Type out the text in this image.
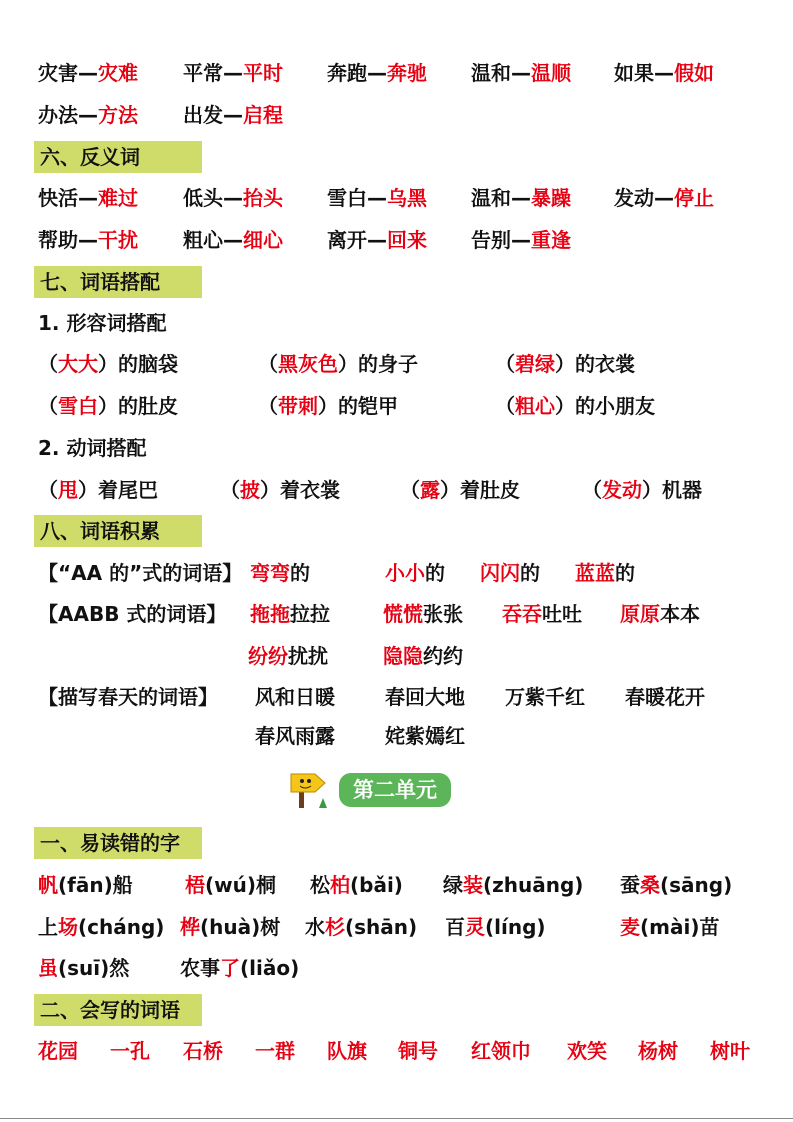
六、反义词
七、词语搭配
八、词语积累
一、易读错的字
二、会写的词语
第二单元
灾害—灾难 平常—平时 奔跑—奔驰 温和—温顺 如果—假如
办法—方法 出发—启程
快活—难过 低头—抬头 雪白—乌黑 温和—暴躁 发动—停止
帮助—干扰 粗心—细心 离开—回来 告别—重逢
1. 形容词搭配
（大大）的脑袋	（黑灰色）的身子	（碧绿）的衣裳
（雪白）的肚皮	（带刺）的铠甲	（粗心）的小朋友
2. 动词搭配
（甩）着尾巴	（披）着衣裳	（露）着肚皮	（发动）机器
【“AA 的”式的词语】 弯弯的	小小的 闪闪的 蓝蓝的
【AABB 式的词语】 拖拖拉拉	慌慌张张 吞吞吐吐 原原本本
纷纷扰扰	隐隐约约
【描写春天的词语】 风和日暖	春回大地 万紫千红 春暖花开
春风雨露	姹紫嫣红
帆(fān)船	梧(wú)桐 松柏(bǎi) 绿装(zhuāng) 蚕桑(sāng)
上场(cháng) 桦(huà)树 水杉(shān) 百灵(líng)	麦(mài)苗
虽(suī)然	农事了(liǎo)
花园 一孔 石桥 一群 队旗 铜号 红领巾 欢笑 杨树 树叶
